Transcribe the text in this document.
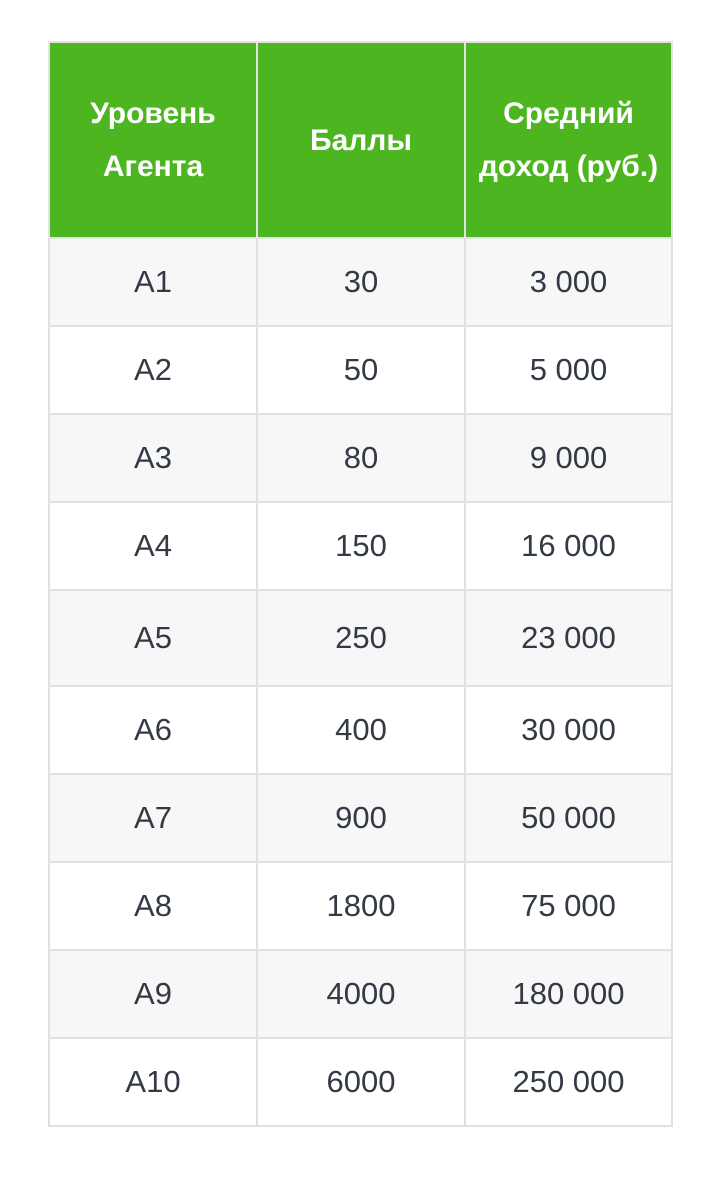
Уровень Агента	Баллы	Средний доход (руб.)
A1	30	3 000
A2	50	5 000
A3	80	9 000
A4	150	16 000
A5	250	23 000
A6	400	30 000
A7	900	50 000
A8	1800	75 000
A9	4000	180 000
A10	6000	250 000
